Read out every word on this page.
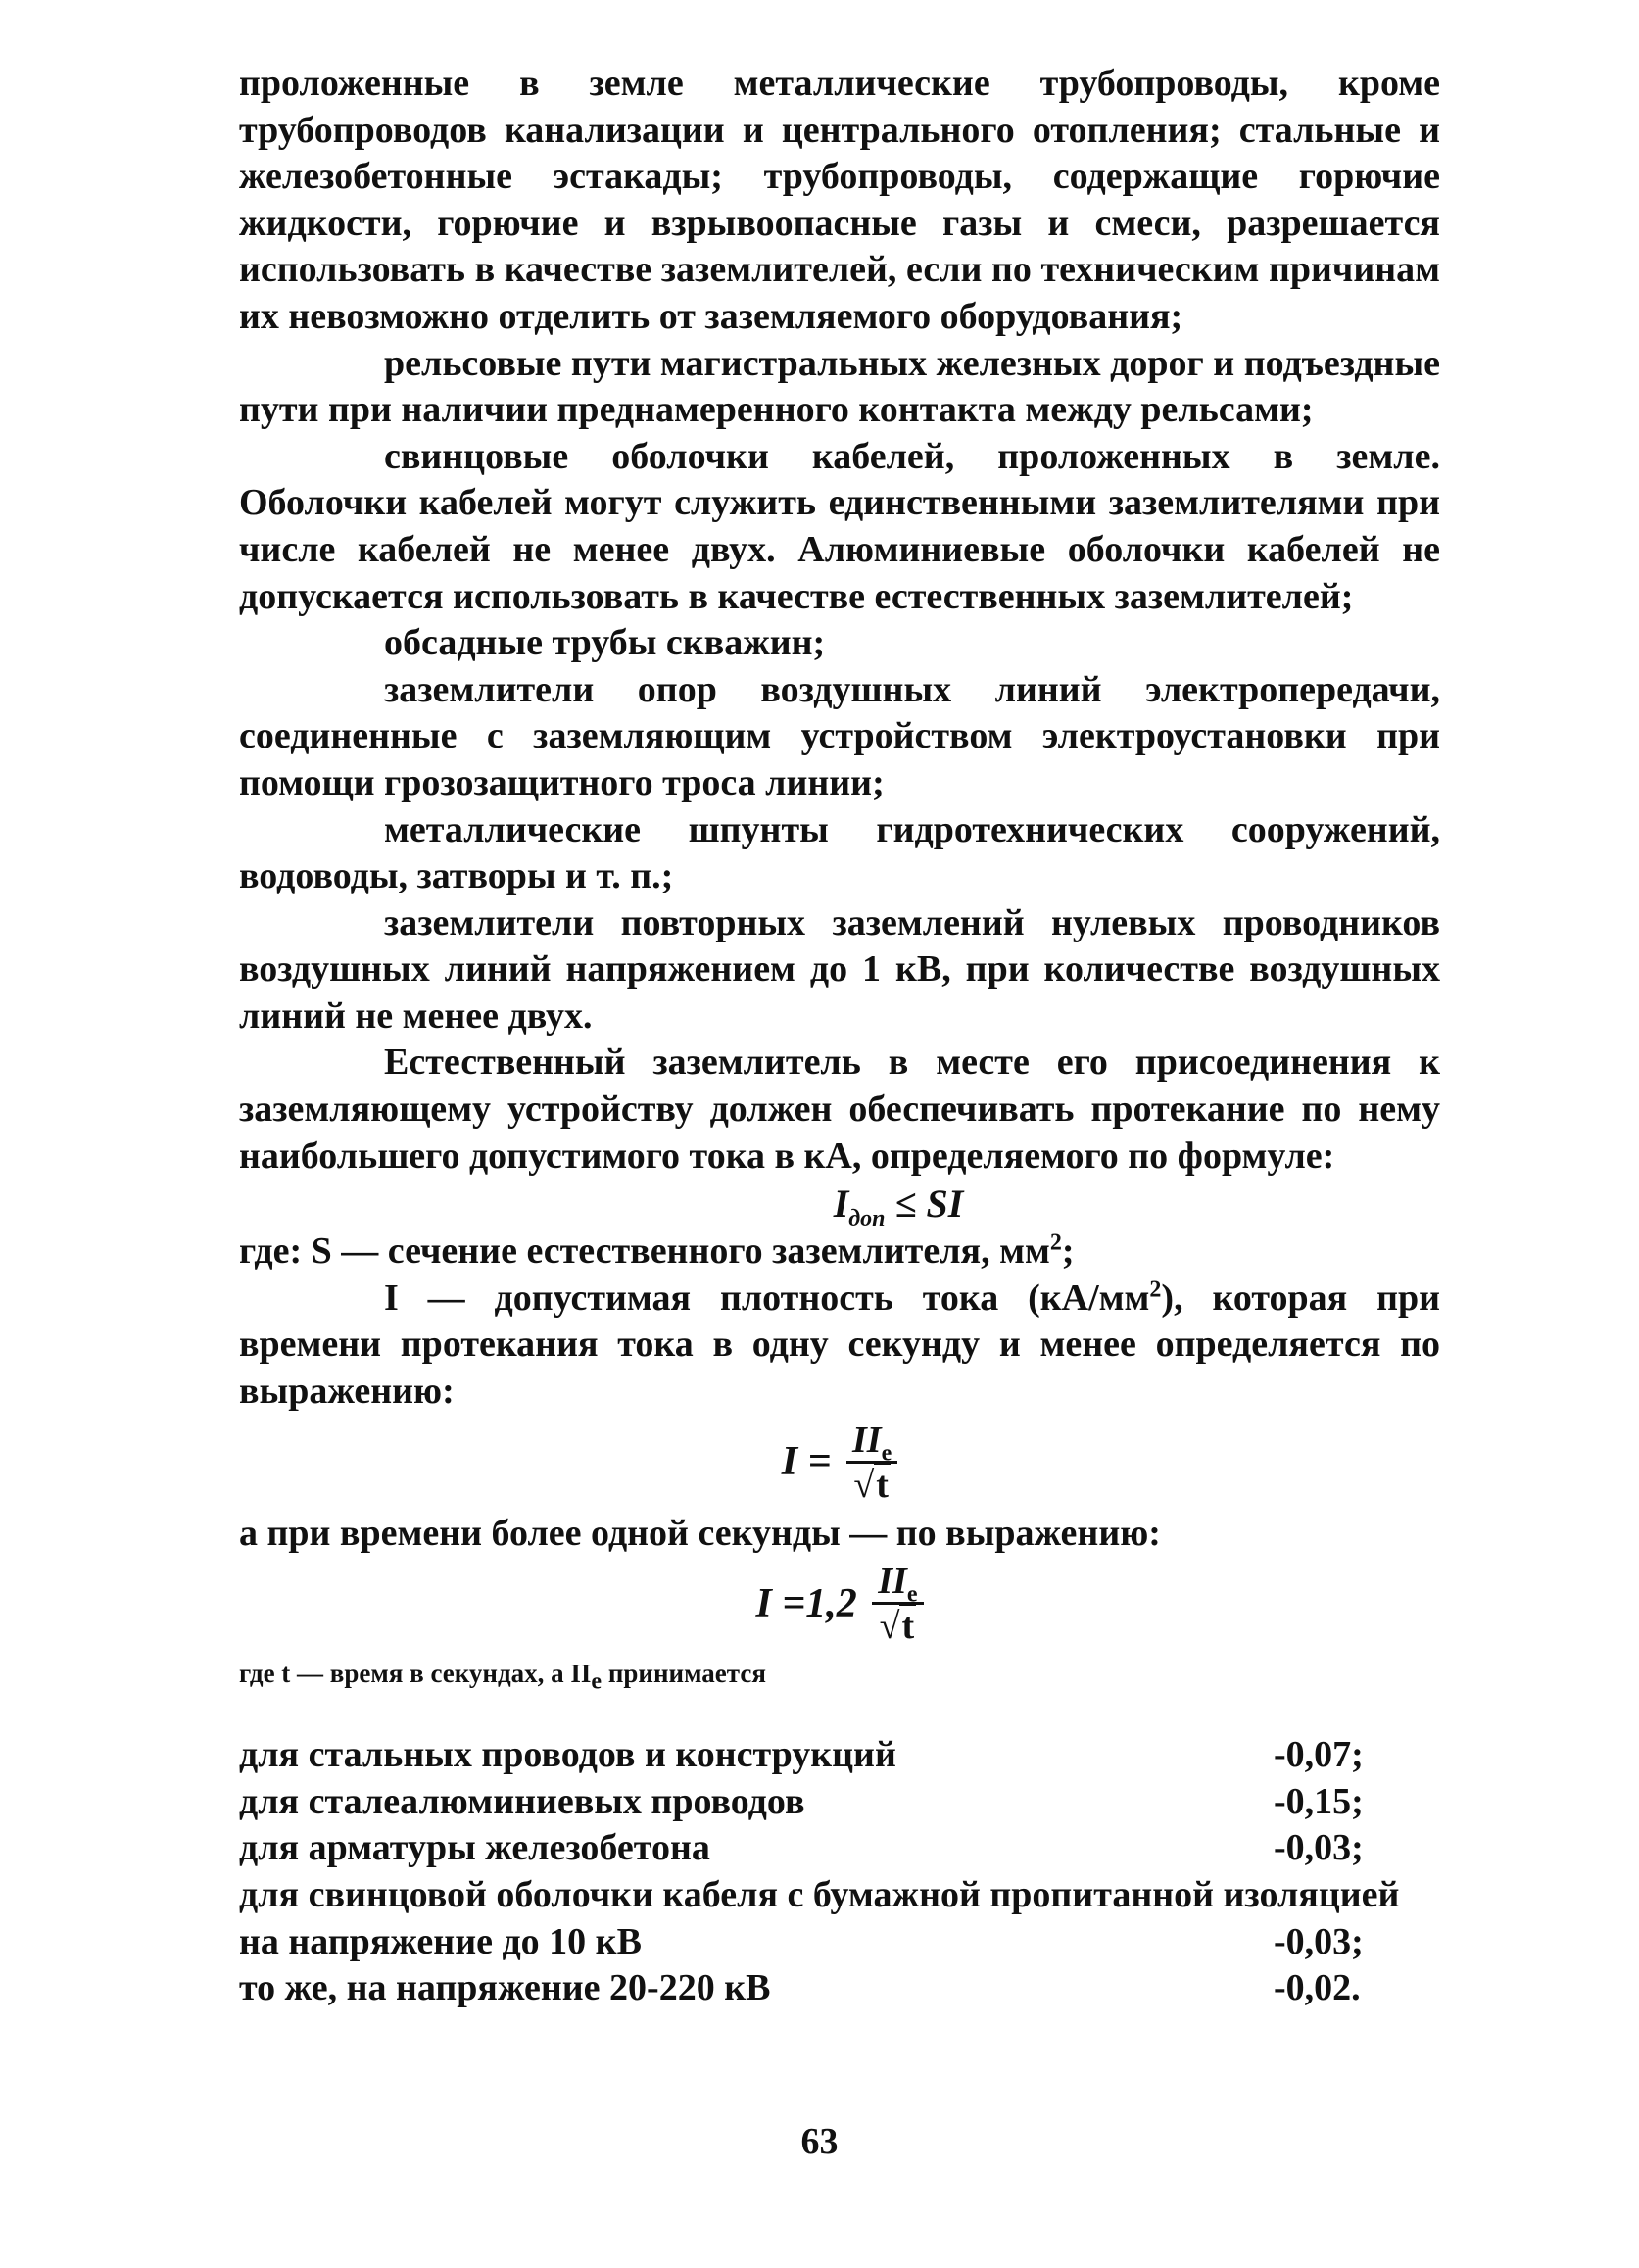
проложенные в земле металлические трубопроводы, кроме трубопроводов канализации и центрального отопления; стальные и железобетонные эстакады; трубопроводы, содержащие горючие жидкости, горючие и взрывоопасные газы и смеси, разрешается использовать в качестве заземлителей, если по техническим причинам их невозможно отделить от заземляемого оборудования;

рельсовые пути магистральных железных дорог и подъездные пути при наличии преднамеренного контакта между рельсами;

свинцовые оболочки кабелей, проложенных в земле. Оболочки кабелей могут служить единственными заземлителями при числе кабелей не менее двух. Алюминиевые оболочки кабелей не допускается использовать в качестве естественных заземлителей;

обсадные трубы скважин;

заземлители опор воздушных линий электропередачи, соединенные с заземляющим устройством электроустановки при помощи грозозащитного троса линии;

металлические шпунты гидротехнических сооружений, водоводы, затворы и т. п.;

заземлители повторных заземлений нулевых проводников воздушных линий напряжением до 1 кВ, при количестве воздушных линий не менее двух.

Естественный заземлитель в месте его присоединения к заземляющему устройству должен обеспечивать протекание по нему наибольшего допустимого тока в кА, определяемого по формуле:

$I_{доп}$ ≤ SI

где: S — сечение естественного заземлителя, $мм^2$;

I — допустимая плотность тока $(кА/мм^2)$, которая при времени протекания тока в одну секунду и менее определяется по выражению:

$I = \frac{II_e}{√t}$

а при времени более одной секунды — по выражению:

$I =1,2 \frac{II_e}{√t}$

где t — время в секундах, а $II_e$ принимается

для стальных проводов и конструкций	-0,07;
для сталеалюминиевых проводов	-0,15;
для арматуры железобетона	-0,03;
для свинцовой оболочки кабеля с бумажной пропитанной изоляцией
на напряжение до 10 кВ	-0,03;
то же, на напряжение 20-220 кВ	-0,02.
63
